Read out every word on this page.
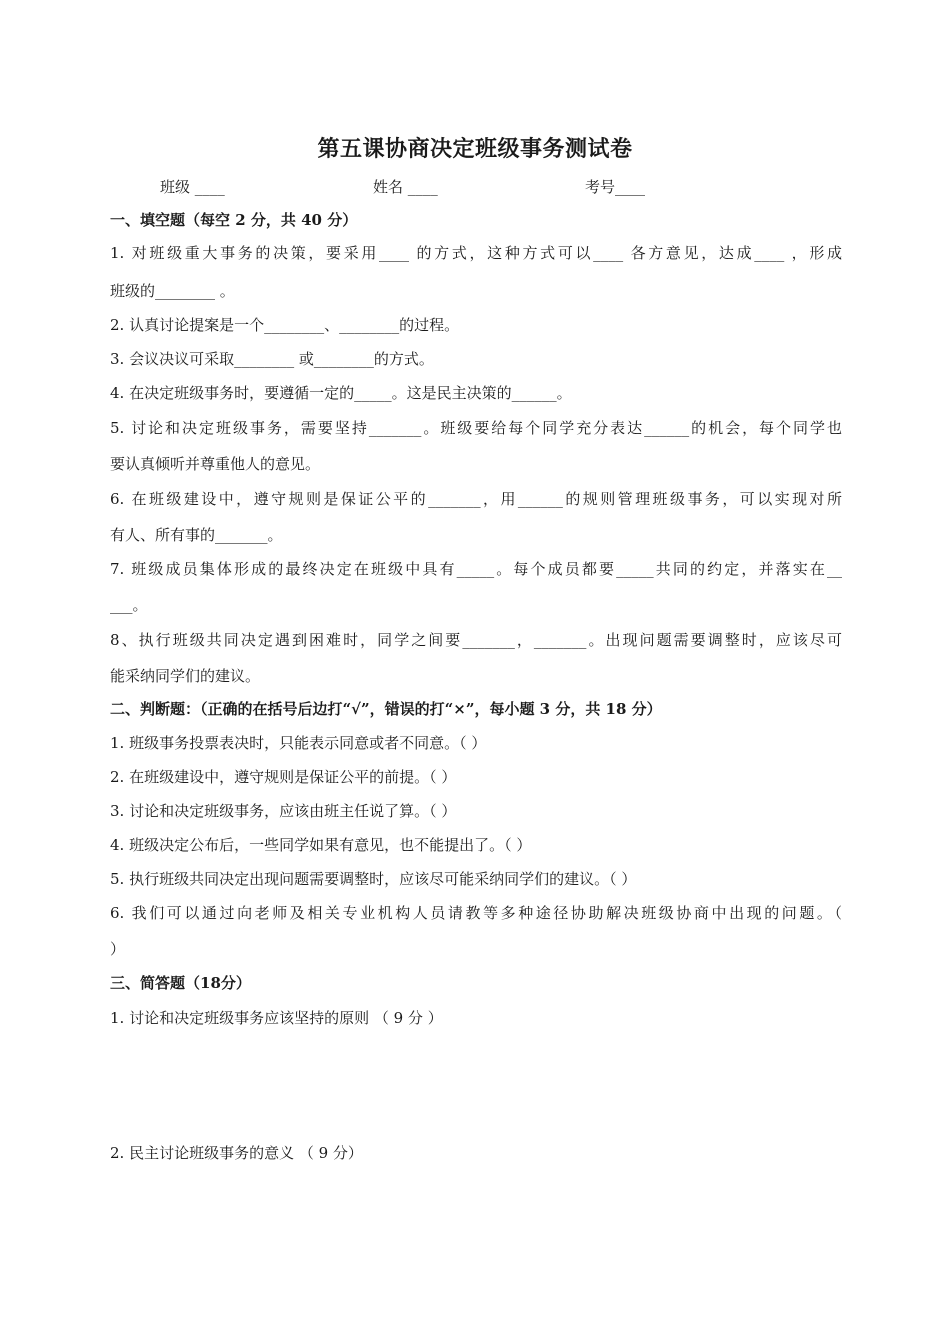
第五课协商决定班级事务测试卷
班级 ____	姓名 ____	考号____
一、填空题（每空 2 分，共 40 分）
1. 对班级重大事务的决策，要采用____ 的方式，这种方式可以____ 各方意见，达成____ ，形成
班级的________ 。
2. 认真讨论提案是一个________、________的过程。
3. 会议决议可采取________ 或________的方式。
4. 在决定班级事务时，要遵循一定的_____。这是民主决策的______。
5. 讨论和决定班级事务，需要坚持_______。班级要给每个同学充分表达______的机会，每个同学也
要认真倾听并尊重他人的意见。
6. 在班级建设中，遵守规则是保证公平的_______，用______的规则管理班级事务，可以实现对所
有人、所有事的_______。
7. 班级成员集体形成的最终决定在班级中具有_____。每个成员都要_____共同的约定，并落实在__
___。
8、执行班级共同决定遇到困难时，同学之间要_______，_______。出现问题需要调整时，应该尽可
能采纳同学们的建议。
二、判断题：（正确的在括号后边打“√”，错误的打“×”，每小题 3 分，共 18 分）
1. 班级事务投票表决时，只能表示同意或者不同意。（ ）
2. 在班级建设中，遵守规则是保证公平的前提。（ ）
3. 讨论和决定班级事务，应该由班主任说了算。（ ）
4. 班级决定公布后，一些同学如果有意见，也不能提出了。（ ）
5. 执行班级共同决定出现问题需要调整时，应该尽可能采纳同学们的建议。（ ）
6. 我们可以通过向老师及相关专业机构人员请教等多种途径协助解决班级协商中出现的问题。（
）
三、简答题（18分）
1. 讨论和决定班级事务应该坚持的原则 （ 9 分 ）
2. 民主讨论班级事务的意义 （ 9 分）
